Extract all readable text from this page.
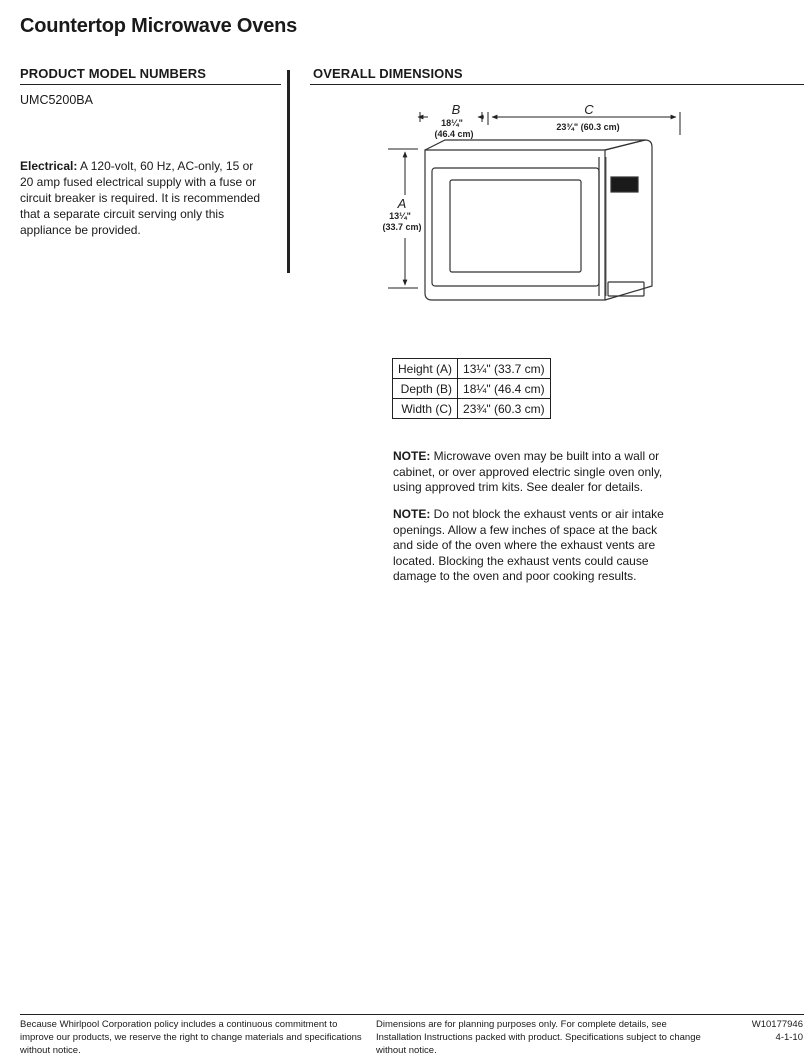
Countertop Microwave Ovens
PRODUCT MODEL NUMBERS
UMC5200BA
Electrical: A 120-volt, 60 Hz, AC-only, 15 or 20 amp fused electrical supply with a fuse or circuit breaker is required. It is recommended that a separate circuit serving only this appliance be provided.
OVERALL DIMENSIONS
B
18¼"
(46.4 cm)
C
23¾" (60.3 cm)
A
13¼"
(33.7 cm)
Height (A)	13¼" (33.7 cm)
Depth (B)	18¼" (46.4 cm)
Width (C)	23¾" (60.3 cm)
NOTE: Microwave oven may be built into a wall or cabinet, or over approved electric single oven only, using approved trim kits. See dealer for details.
NOTE: Do not block the exhaust vents or air intake openings. Allow a few inches of space at the back and side of the oven where the exhaust vents are located. Blocking the exhaust vents could cause damage to the oven and poor cooking results.
Because Whirlpool Corporation policy includes a continuous commitment to improve our products, we reserve the right to change materials and specifications without notice.
Dimensions are for planning purposes only. For complete details, see Installation Instructions packed with product. Specifications subject to change without notice.
W10177946
4-1-10
